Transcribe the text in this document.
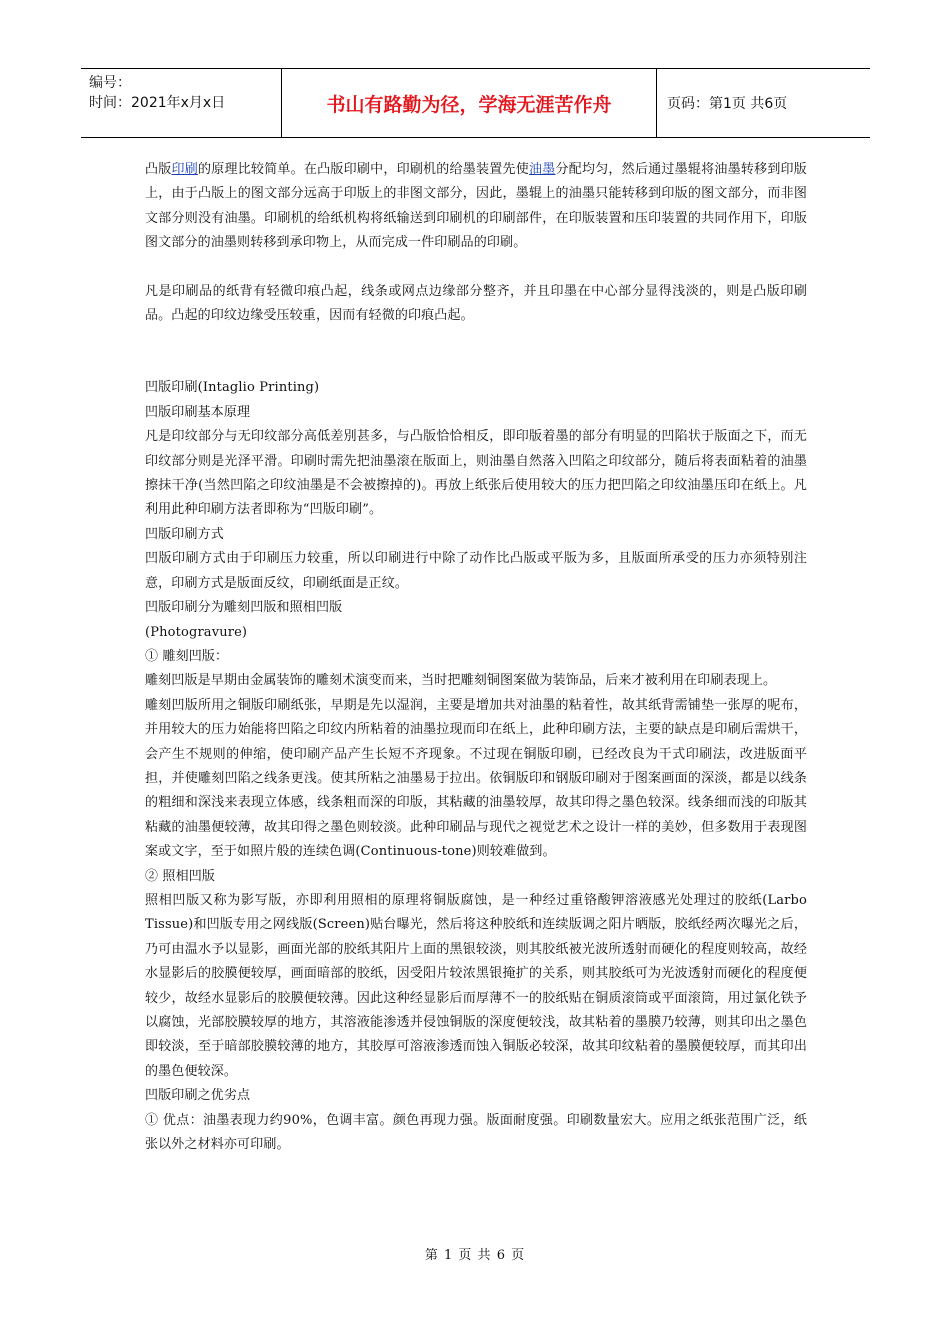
编号：
时间：2021年x月x日	书山有路勤为径，学海无涯苦作舟	页码：第1页 共6页

凸版印刷的原理比较简单。在凸版印刷中，印刷机的给墨装置先使油墨分配均匀，然后通过墨辊将油墨转移到印版上，由于凸版上的图文部分远高于印版上的非图文部分，因此，墨辊上的油墨只能转移到印版的图文部分，而非图文部分则没有油墨。印刷机的给纸机构将纸输送到印刷机的印刷部件，在印版装置和压印装置的共同作用下，印版图文部分的油墨则转移到承印物上，从而完成一件印刷品的印刷。

凡是印刷品的纸背有轻微印痕凸起，线条或网点边缘部分整齐，并且印墨在中心部分显得浅淡的，则是凸版印刷品。凸起的印纹边缘受压较重，因而有轻微的印痕凸起。

凹版印刷(Intaglio Printing)

凹版印刷基本原理

凡是印纹部分与无印纹部分高低差別甚多，与凸版恰恰相反，即印版着墨的部分有明显的凹陷状于版面之下，而无印纹部分则是光泽平滑。印刷时需先把油墨滚在版面上，则油墨自然落入凹陷之印纹部分，随后将表面粘着的油墨擦抹干净(当然凹陷之印纹油墨是不会被擦掉的)。再放上纸张后使用较大的压力把凹陷之印纹油墨压印在纸上。凡利用此种印刷方法者即称为“凹版印刷”。

凹版印刷方式

凹版印刷方式由于印刷压力较重，所以印刷进行中除了动作比凸版或平版为多，且版面所承受的压力亦须特别注意，印刷方式是版面反纹，印刷纸面是正纹。

凹版印刷分为雕刻凹版和照相凹版

(Photogravure)

① 雕刻凹版：

雕刻凹版是早期由金属装饰的雕刻术演变而来，当时把雕刻铜图案做为装饰品，后来才被利用在印刷表现上。

雕刻凹版所用之铜版印刷纸张，早期是先以湿润，主要是增加共对油墨的粘着性，故其纸背需铺垫一张厚的呢布，并用较大的压力始能将凹陷之印纹内所粘着的油墨拉现而印在纸上，此种印刷方法，主要的缺点是印刷后需烘干，会产生不规则的伸缩，使印刷产品产生长短不齐现象。不过现在铜版印刷，已经改良为干式印刷法，改进版面平担，并使雕刻凹陷之线条更浅。使其所粘之油墨易于拉出。依铜版印和钢版印刷对于图案画面的深淡，都是以线条的粗细和深浅来表现立体感，线条粗而深的印版，其粘藏的油墨较厚，故其印得之墨色较深。线条细而浅的印版其粘藏的油墨便较薄，故其印得之墨色则较淡。此种印刷品与现代之视觉艺术之设计一样的美妙，但多数用于表现图案或文字，至于如照片般的连续色调(Continuous-tone)则较难做到。

② 照相凹版

照相凹版又称为影写版，亦即利用照相的原理将铜版腐蚀，是一种经过重铬酸钾溶液感光处理过的胶纸(Larbo Tissue)和凹版专用之网线版(Screen)贴台曝光，然后将这种胶纸和连续版调之阳片晒版，胶纸经两次曝光之后，乃可由温水予以显影，画面光部的胶纸其阳片上面的黑银较淡，则其胶纸被光波所透射而硬化的程度则较高，故经水显影后的胶膜便较厚，画面暗部的胶纸，因受阳片较浓黑银掩扩的关系，则其胶纸可为光波透射而硬化的程度便较少，故经水显影后的胶膜便较薄。因此这种经显影后而厚薄不一的胶纸贴在铜质滚筒或平面滚筒，用过氯化铁予以腐蚀，光部胶膜较厚的地方，其溶液能渗透并侵蚀铜版的深度便较浅，故其粘着的墨膜乃较薄，则其印出之墨色即较淡，至于暗部胶膜较薄的地方，其胶厚可溶液渗透而蚀入铜版必较深，故其印纹粘着的墨膜便较厚，而其印出的墨色便较深。

凹版印刷之优劣点

① 优点：油墨表现力约90%，色调丰富。颜色再现力强。版面耐度强。印刷数量宏大。应用之纸张范围广泛，纸张以外之材料亦可印刷。

第 1 页 共 6 页
